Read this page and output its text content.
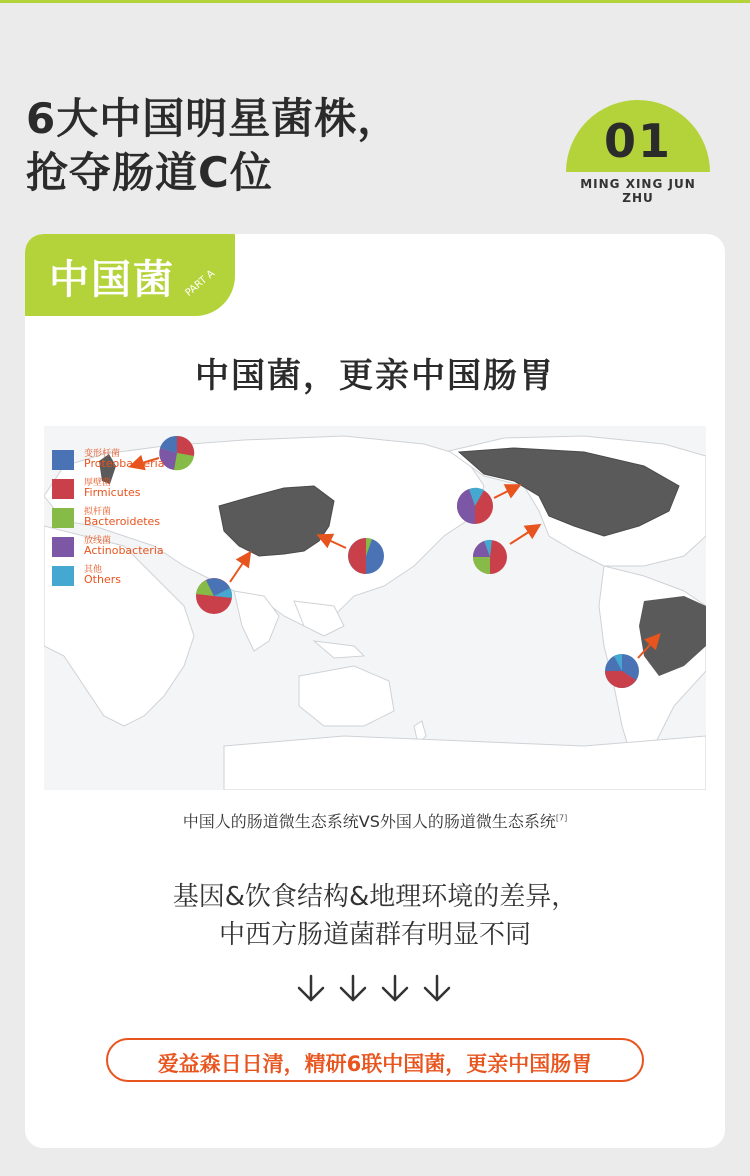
6大中国明星菌株，
抢夺肠道C位
01
MING XING JUN ZHU
中国菌 PART A
中国菌，更亲中国肠胃
变形杆菌
Proteobacteria
厚壁菌
Firmicutes
拟杆菌
Bacteroidetes
放线菌
Actinobacteria
其他
Others
中国人的肠道微生态系统VS外国人的肠道微生态系统[7]
基因&饮食结构&地理环境的差异，
中西方肠道菌群有明显不同
爱益森日日清，精研6联中国菌，更亲中国肠胃
